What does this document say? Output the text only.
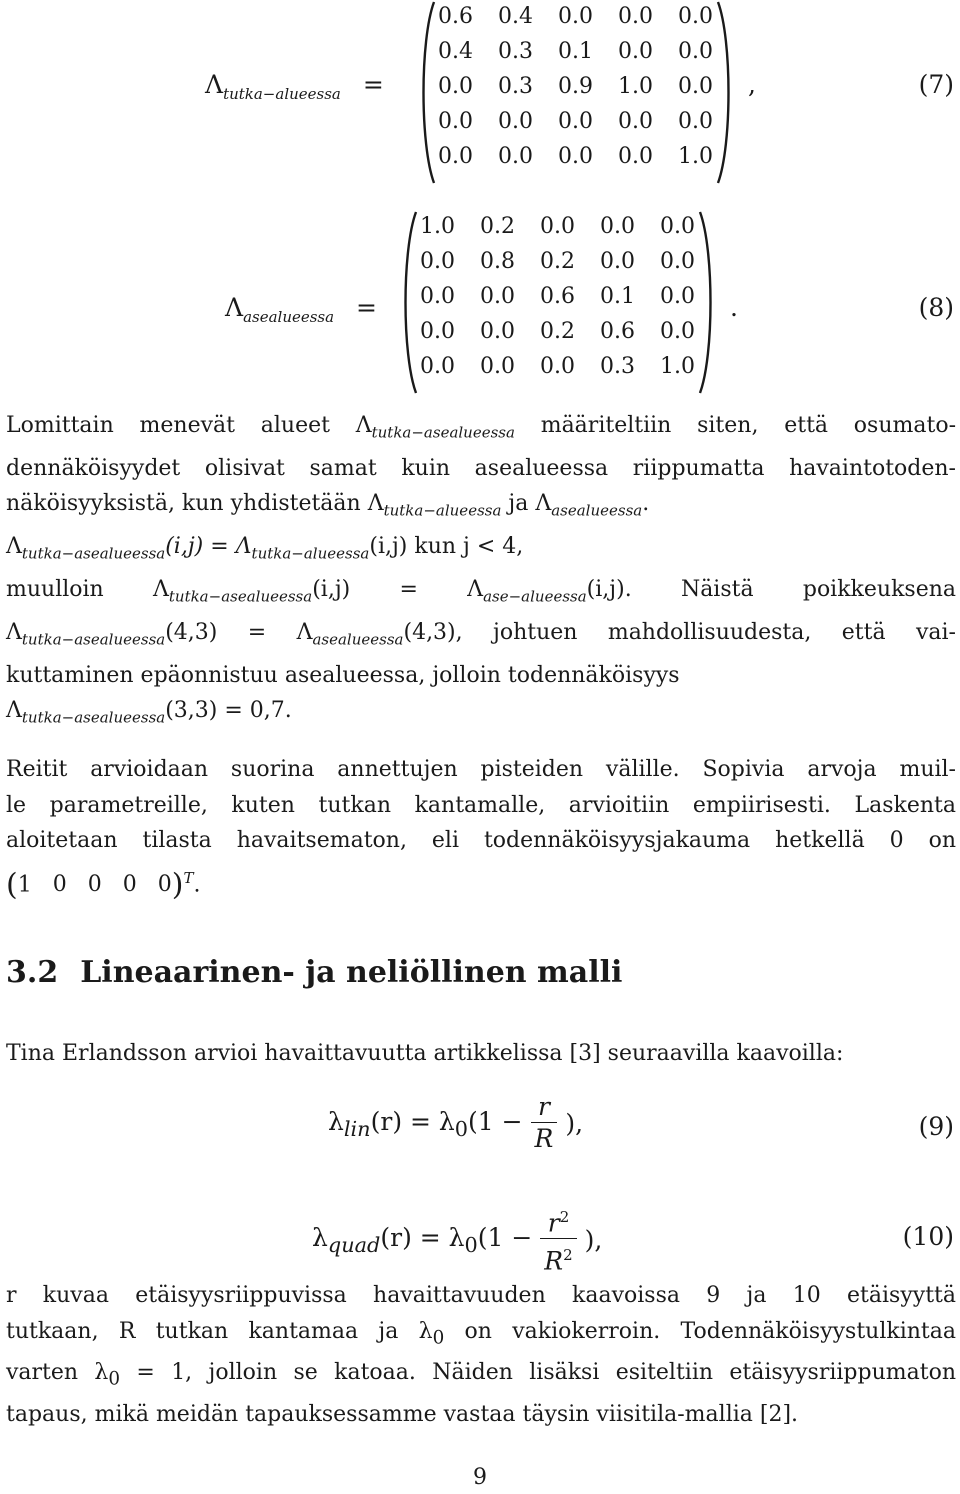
$\Lambda_{tutka-alueessa}$ =
0.6 0.4 0.0 0.0 0.0
0.4 0.3 0.1 0.0 0.0
0.0 0.3 0.9 1.0 0.0
0.0 0.0 0.0 0.0 0.0
0.0 0.0 0.0 0.0 1.0
,	(7)
$\Lambda_{asealueessa}$ =
1.0 0.2 0.0 0.0 0.0
0.0 0.8 0.2 0.0 0.0
0.0 0.0 0.6 0.1 0.0
0.0 0.0 0.2 0.6 0.0
0.0 0.0 0.0 0.3 1.0
.	(8)
Lomittain menevät alueet $\Lambda_{tutka-asealueessa}$ määriteltiin siten, että osumato-
dennäköisyydet olisivat samat kuin asealueessa riippumatta havaintotoden-
näköisyyksistä, kun yhdistetään $\Lambda_{tutka-alueessa}$ ja $\Lambda_{asealueessa}$.
$\Lambda_{tutka-asealueessa}(i,j) = \Lambda_{tutka-alueessa}(i,j)$ kun j < 4,
muulloin $\Lambda_{tutka-asealueessa}(i,j) = \Lambda_{ase-alueessa}(i,j)$. Näistä poikkeuksena
$\Lambda_{tutka-asealueessa}(4,3) = \Lambda_{asealueessa}(4,3)$, johtuen mahdollisuudesta, että vai-
kuttaminen epäonnistuu asealueessa, jolloin todennäköisyys
$\Lambda_{tutka-asealueessa}(3,3) = 0,7$.
Reitit arvioidaan suorina annettujen pisteiden välille. Sopivia arvoja muil-
le parametreille, kuten tutkan kantamalle, arvioitiin empiirisesti. Laskenta
aloitetaan tilasta havaitsematon, eli todennäköisyysjakauma hetkellä 0 on
(1 0 0 0 0)$^T$.
3.2 Lineaarinen- ja neliöllinen malli
Tina Erlandsson arvioi havaittavuutta artikkelissa [3] seuraavilla kaavoilla:
$\lambda_{lin}(r) = \lambda_0(1 - \frac{r}{R}$ ),	(9)
$\lambda_{quad}(r) = \lambda_0(1 - \frac{r^2}{R^2}$ ),	(10)
r kuvaa etäisyysriippuvissa havaittavuuden kaavoissa 9 ja 10 etäisyyttä
tutkaan, R tutkan kantamaa ja $\lambda_0$ on vakiokerroin. Todennäköisyystulkintaa
varten $\lambda_0 = 1$, jolloin se katoaa. Näiden lisäksi esiteltiin etäisyysriippumaton
tapaus, mikä meidän tapauksessamme vastaa täysin viisitila-mallia [2].
9
